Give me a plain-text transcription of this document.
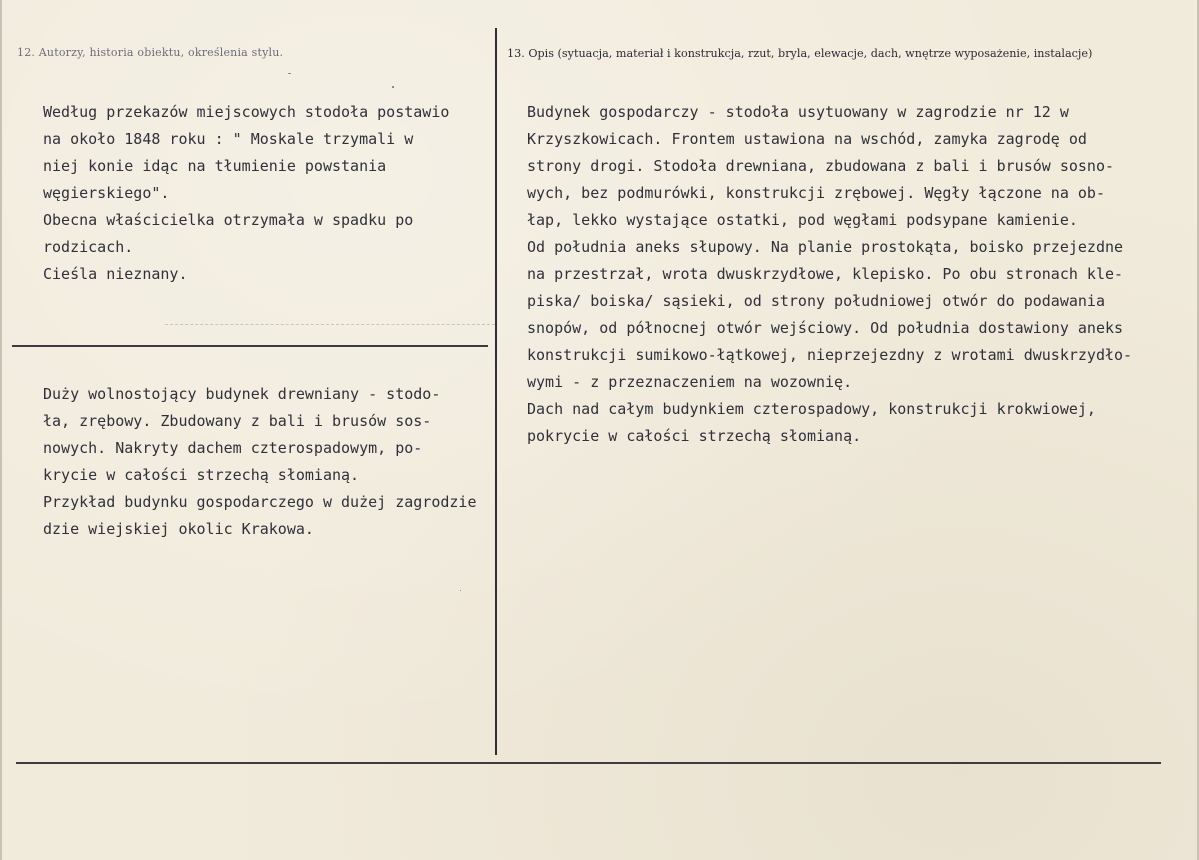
12. Autorzy, historia obiektu, określenia stylu.	13. Opis (sytuacja, materiał i konstrukcja, rzut, bryla, elewacje, dach, wnętrze wyposażenie, instalacje)
Według przekazów miejscowych stodoła postawio
na około 1848 roku : " Moskale trzymali w
niej konie idąc na tłumienie powstania
węgierskiego".
Obecna właścicielka otrzymała w spadku po
rodzicach.
Cieśla nieznany.
Duży wolnostojący budynek drewniany - stodo-
ła, zrębowy. Zbudowany z bali i brusów sos-
nowych. Nakryty dachem czterospadowym, po-
krycie w całości strzechą słomianą.
Przykład budynku gospodarczego w dużej zagrodzie
dzie wiejskiej okolic Krakowa.
Budynek gospodarczy - stodoła usytuowany w zagrodzie nr 12 w
Krzyszkowicach. Frontem ustawiona na wschód, zamyka zagrodę od
strony drogi. Stodoła drewniana, zbudowana z bali i brusów sosno-
wych, bez podmurówki, konstrukcji zrębowej. Węgły łączone na ob-
łap, lekko wystające ostatki, pod węgłami podsypane kamienie.
Od południa aneks słupowy. Na planie prostokąta, boisko przejezdne
na przestrzał, wrota dwuskrzydłowe, klepisko. Po obu stronach kle-
piska/ boiska/ sąsieki, od strony południowej otwór do podawania
snopów, od północnej otwór wejściowy. Od południa dostawiony aneks
konstrukcji sumikowo-łątkowej, nieprzejezdny z wrotami dwuskrzydło-
wymi - z przeznaczeniem na wozownię.
Dach nad całym budynkiem czterospadowy, konstrukcji krokwiowej,
pokrycie w całości strzechą słomianą.
